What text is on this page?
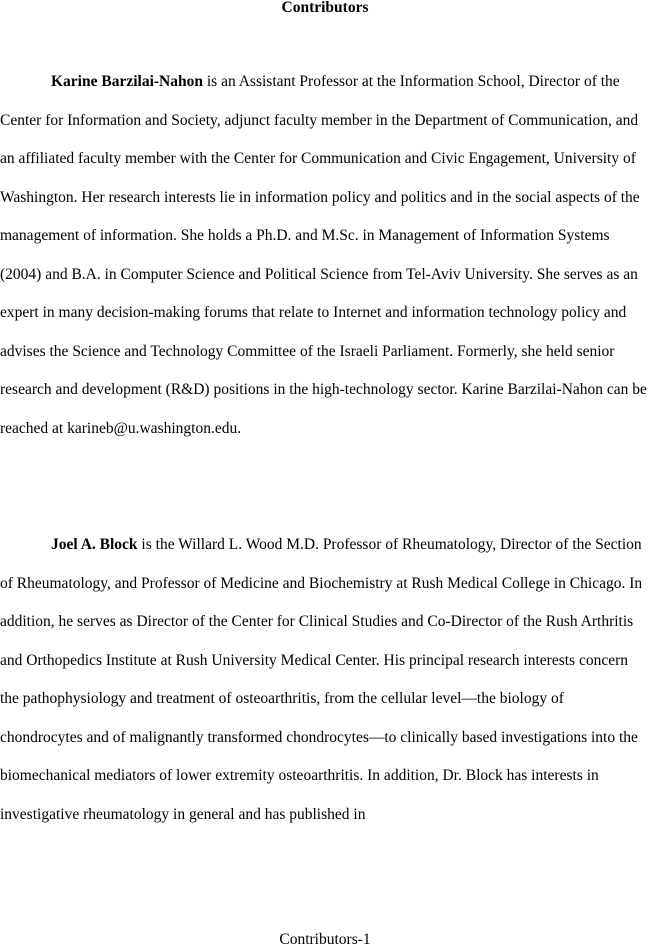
Contributors

Karine Barzilai-Nahon is an Assistant Professor at the Information School, Director of the Center for Information and Society, adjunct faculty member in the Department of Communication, and an affiliated faculty member with the Center for Communication and Civic Engagement, University of Washington. Her research interests lie in information policy and politics and in the social aspects of the management of information. She holds a Ph.D. and M.Sc. in Management of Information Systems (2004) and B.A. in Computer Science and Political Science from Tel-Aviv University. She serves as an expert in many decision-making forums that relate to Internet and information technology policy and advises the Science and Technology Committee of the Israeli Parliament. Formerly, she held senior research and development (R&D) positions in the high-technology sector. Karine Barzilai-Nahon can be reached at karineb@u.washington.edu.

Joel A. Block is the Willard L. Wood M.D. Professor of Rheumatology, Director of the Section of Rheumatology, and Professor of Medicine and Biochemistry at Rush Medical College in Chicago. In addition, he serves as Director of the Center for Clinical Studies and Co-Director of the Rush Arthritis and Orthopedics Institute at Rush University Medical Center. His principal research interests concern the pathophysiology and treatment of osteoarthritis, from the cellular level—the biology of chondrocytes and of malignantly transformed chondrocytes—to clinically based investigations into the biomechanical mediators of lower extremity osteoarthritis. In addition, Dr. Block has interests in investigative rheumatology in general and has published in

Contributors-1
